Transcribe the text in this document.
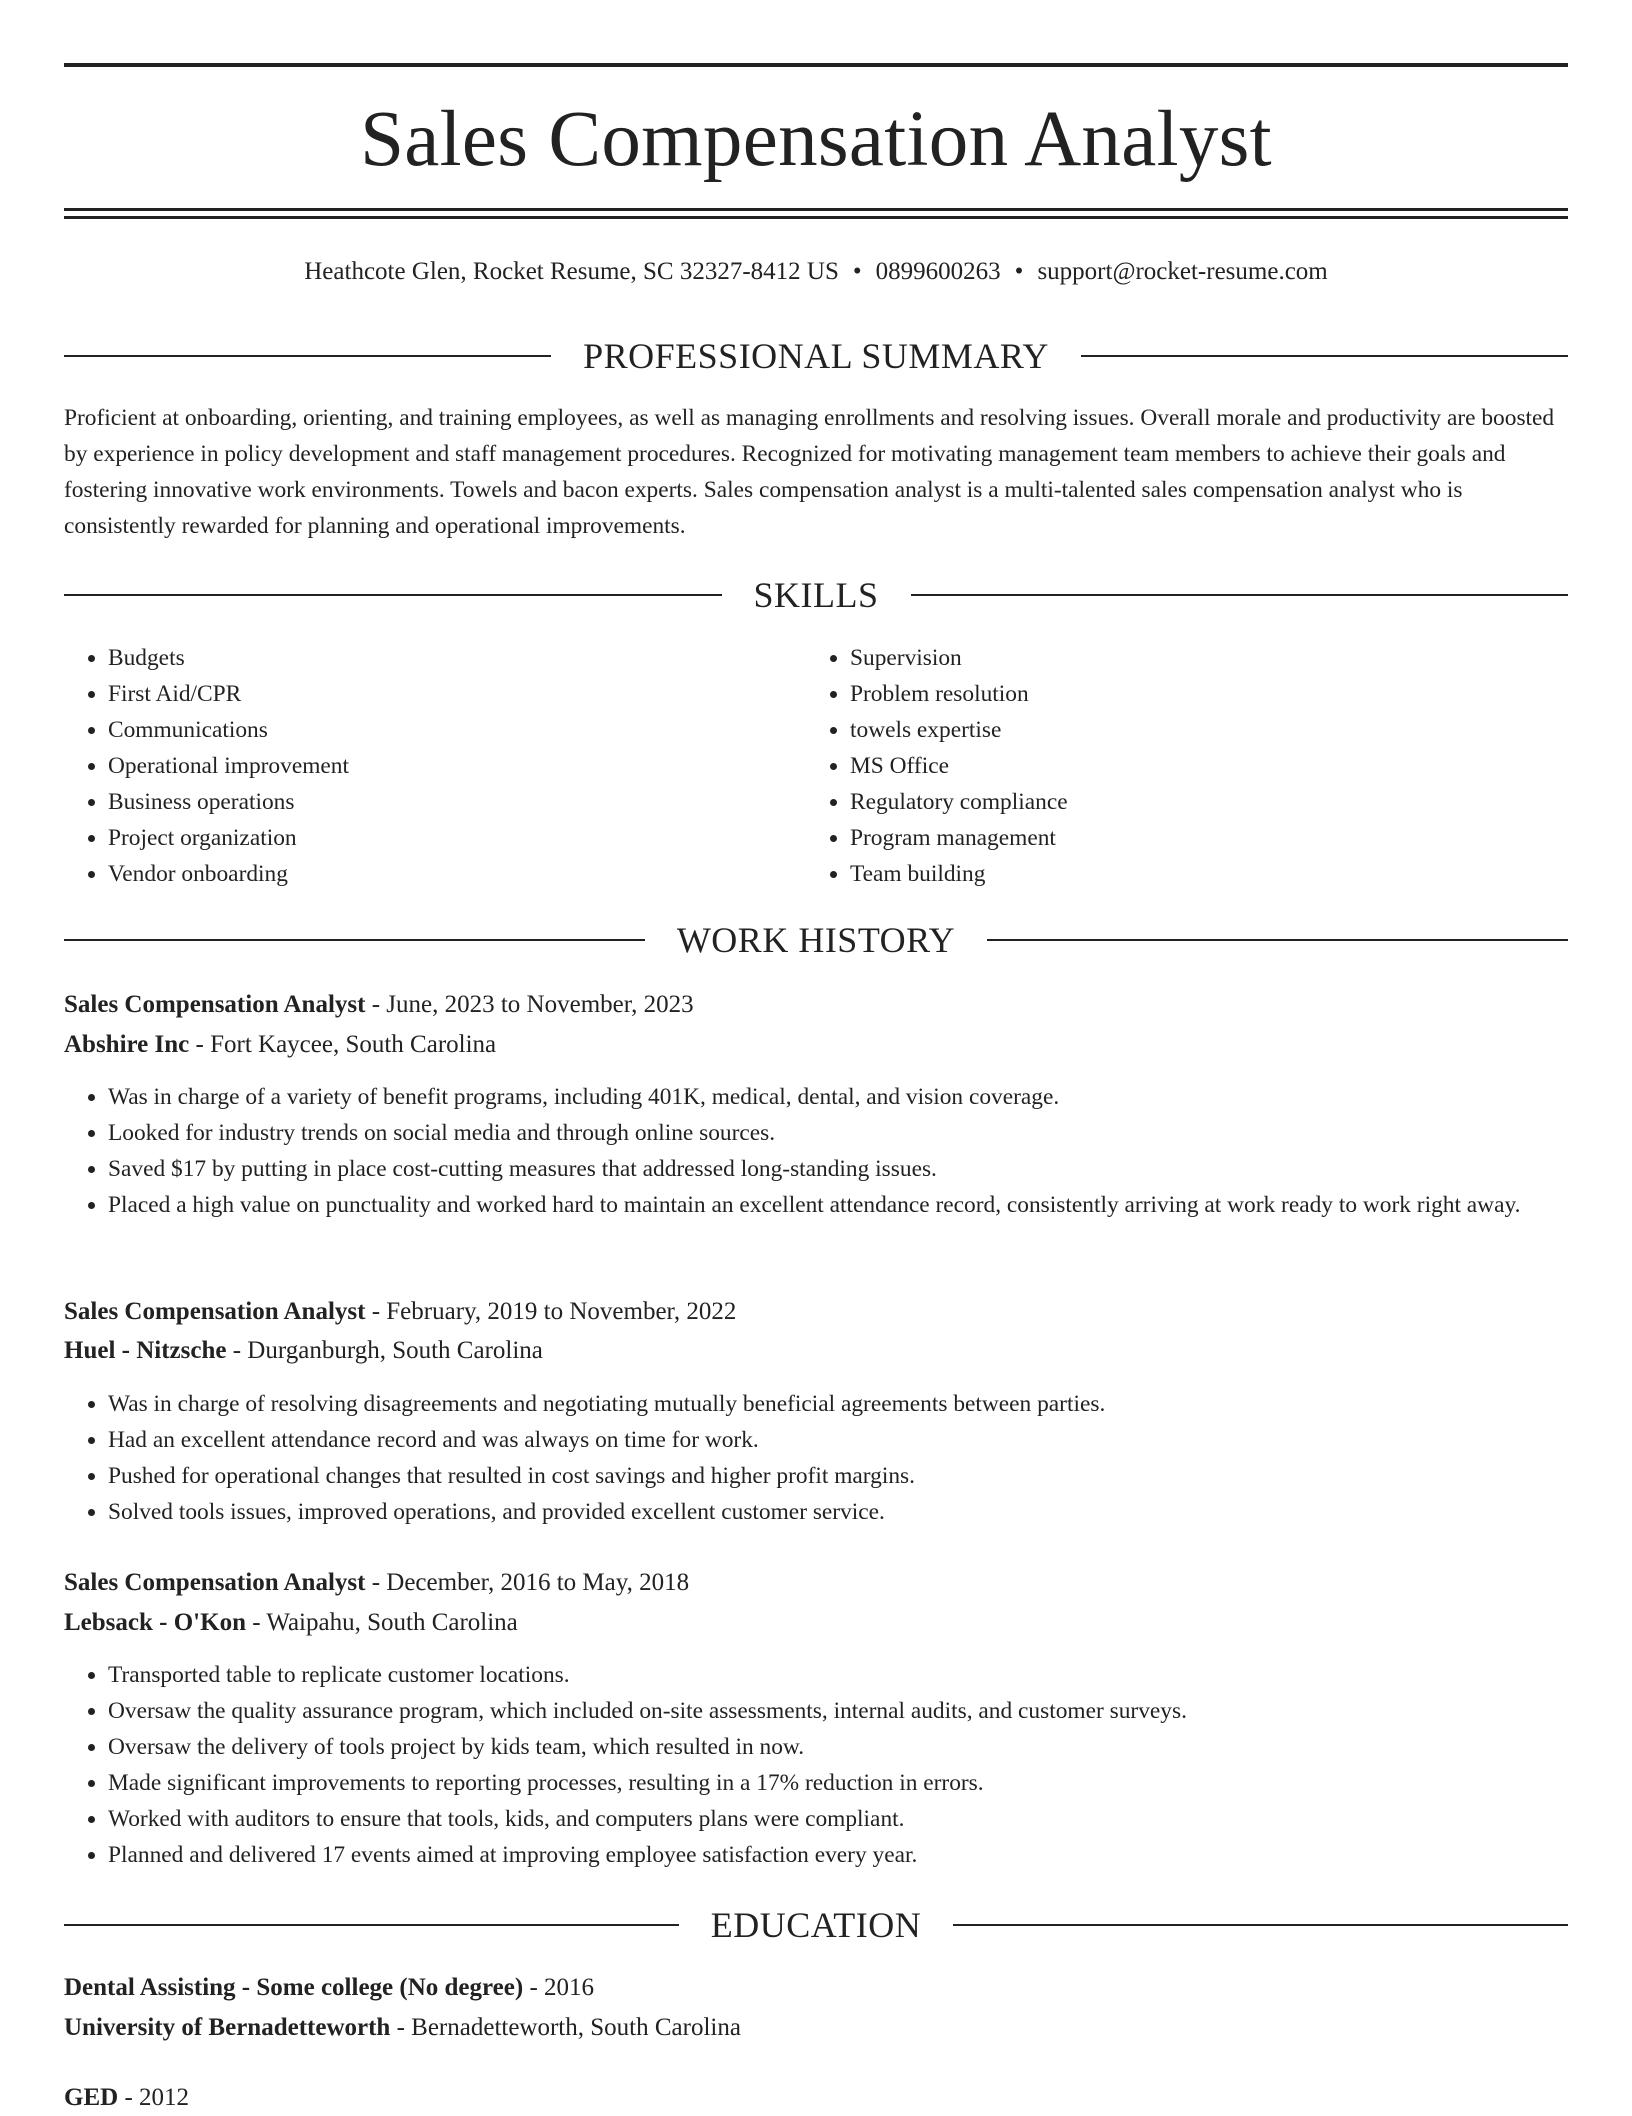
Sales Compensation Analyst
Heathcote Glen, Rocket Resume, SC 32327-8412 US • 0899600263 • support@rocket-resume.com
PROFESSIONAL SUMMARY

Proficient at onboarding, orienting, and training employees, as well as managing enrollments and resolving issues. Overall morale and productivity are boosted by experience in policy development and staff management procedures. Recognized for motivating management team members to achieve their goals and fostering innovative work environments. Towels and bacon experts. Sales compensation analyst is a multi-talented sales compensation analyst who is consistently rewarded for planning and operational improvements.

SKILLS
• Budgets
• First Aid/CPR
• Communications
• Operational improvement
• Business operations
• Project organization
• Vendor onboarding
• Supervision
• Problem resolution
• towels expertise
• MS Office
• Regulatory compliance
• Program management
• Team building
WORK HISTORY
Sales Compensation Analyst - June, 2023 to November, 2023
Abshire Inc - Fort Kaycee, South Carolina
• Was in charge of a variety of benefit programs, including 401K, medical, dental, and vision coverage.
• Looked for industry trends on social media and through online sources.
• Saved $17 by putting in place cost-cutting measures that addressed long-standing issues.
• Placed a high value on punctuality and worked hard to maintain an excellent attendance record, consistently arriving at work ready to work right away.
Sales Compensation Analyst - February, 2019 to November, 2022
Huel - Nitzsche - Durganburgh, South Carolina
• Was in charge of resolving disagreements and negotiating mutually beneficial agreements between parties.
• Had an excellent attendance record and was always on time for work.
• Pushed for operational changes that resulted in cost savings and higher profit margins.
• Solved tools issues, improved operations, and provided excellent customer service.
Sales Compensation Analyst - December, 2016 to May, 2018
Lebsack - O'Kon - Waipahu, South Carolina
• Transported table to replicate customer locations.
• Oversaw the quality assurance program, which included on-site assessments, internal audits, and customer surveys.
• Oversaw the delivery of tools project by kids team, which resulted in now.
• Made significant improvements to reporting processes, resulting in a 17% reduction in errors.
• Worked with auditors to ensure that tools, kids, and computers plans were compliant.
• Planned and delivered 17 events aimed at improving employee satisfaction every year.
EDUCATION
Dental Assisting - Some college (No degree) - 2016
University of Bernadetteworth - Bernadetteworth, South Carolina
GED - 2012
